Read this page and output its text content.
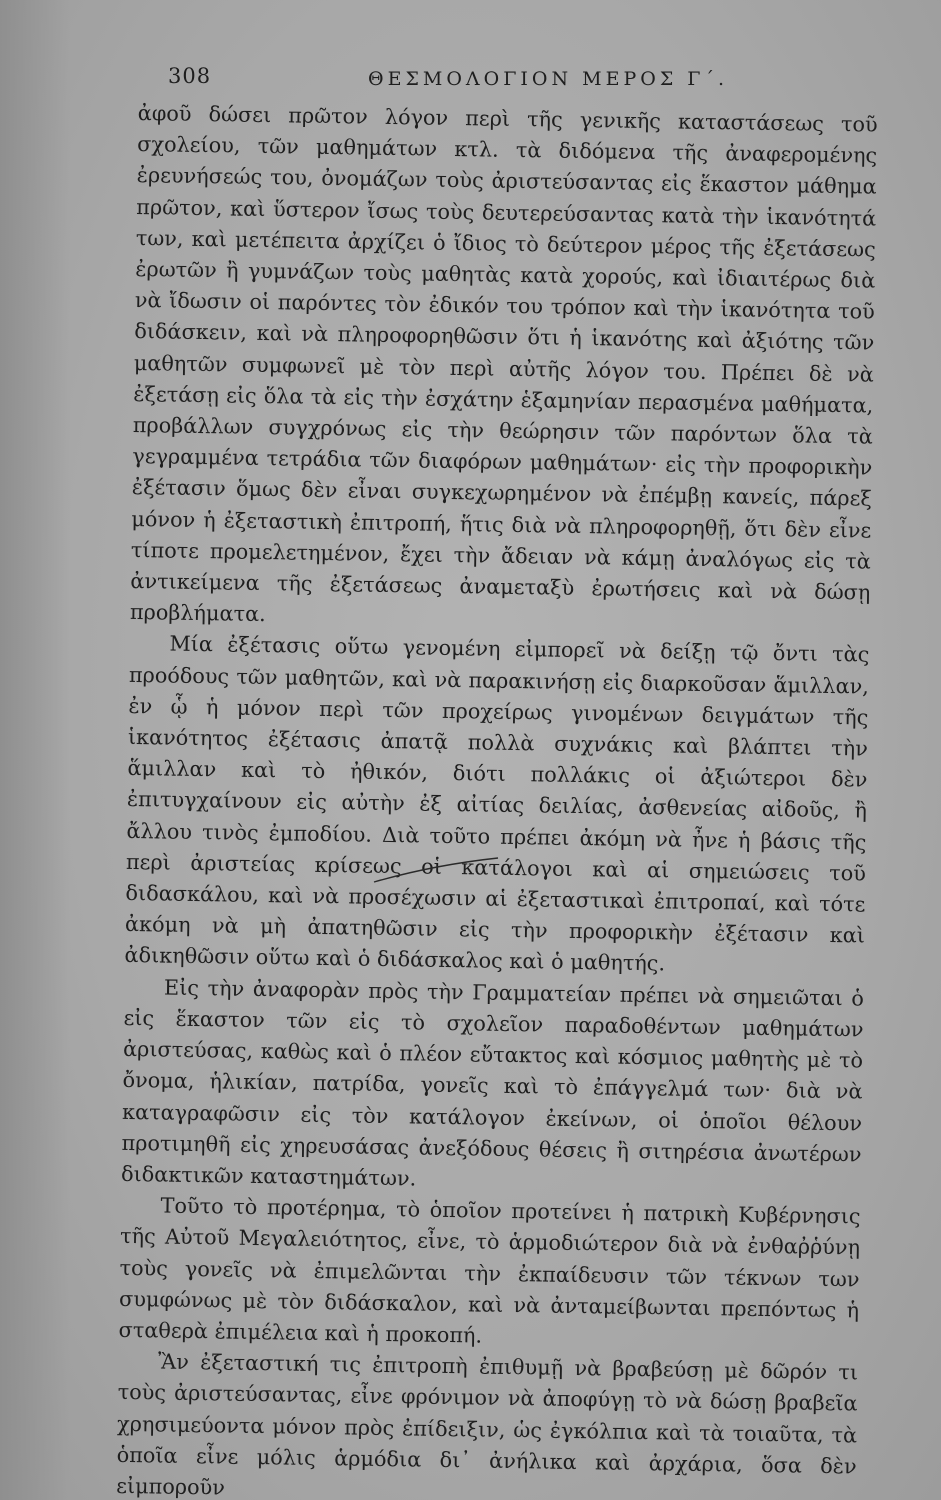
308	ΘΕΣΜΟΛΟΓΙΟΝ ΜΕΡΟΣ Γ΄.

ἀφοῦ δώσει πρῶτον λόγον περὶ τῆς γενικῆς καταστάσεως τοῦ σχολείου, τῶν μαθημάτων κτλ. τὰ διδόμενα τῆς ἀναφερομένης ἐρευνήσεώς του, ὀνομάζων τοὺς ἀριστεύσαντας εἰς ἕκαστον μάθημα πρῶτον, καὶ ὕστερον ἴσως τοὺς δευτερεύσαντας κατὰ τὴν ἱκανότητά των, καὶ μετέπειτα ἀρχίζει ὁ ἴδιος τὸ δεύτερον μέρος τῆς ἐξετάσεως ἐρωτῶν ἢ γυμνάζων τοὺς μαθητὰς κατὰ χορούς, καὶ ἰδιαιτέρως διὰ νὰ ἴδωσιν οἱ παρόντες τὸν ἐδικόν του τρόπον καὶ τὴν ἱκανότητα τοῦ διδάσκειν, καὶ νὰ πληροφορηθῶσιν ὅτι ἡ ἱκανότης καὶ ἀξιότης τῶν μαθητῶν συμφωνεῖ μὲ τὸν περὶ αὐτῆς λόγον του. Πρέπει δὲ νὰ ἐξετάσῃ εἰς ὅλα τὰ εἰς τὴν ἐσχάτην ἑξαμηνίαν περασμένα μαθήματα, προβάλλων συγχρόνως εἰς τὴν θεώρησιν τῶν παρόντων ὅλα τὰ γεγραμμένα τετράδια τῶν διαφόρων μαθημάτων· εἰς τὴν προφορικὴν ἐξέτασιν ὅμως δὲν εἶναι συγκεχωρημένον νὰ ἐπέμβῃ κανείς, πάρεξ μόνον ἡ ἐξεταστικὴ ἐπιτροπή, ἥτις διὰ νὰ πληροφορηθῇ, ὅτι δὲν εἶνε τίποτε προμελετημένον, ἔχει τὴν ἄδειαν νὰ κάμῃ ἀναλόγως εἰς τὰ ἀντικείμενα τῆς ἐξετάσεως ἀναμεταξὺ ἐρωτήσεις καὶ νὰ δώσῃ προβλήματα.

Μία ἐξέτασις οὕτω γενομένη εἰμπορεῖ νὰ δείξῃ τῷ ὄντι τὰς προόδους τῶν μαθητῶν, καὶ νὰ παρακινήσῃ εἰς διαρκοῦσαν ἅμιλλαν, ἐν ᾧ ἡ μόνον περὶ τῶν προχείρως γινομένων δειγμάτων τῆς ἱκανότητος ἐξέτασις ἀπατᾷ πολλὰ συχνάκις καὶ βλάπτει τὴν ἅμιλλαν καὶ τὸ ἠθικόν, διότι πολλάκις οἱ ἀξιώτεροι δὲν ἐπιτυγχαίνουν εἰς αὐτὴν ἐξ αἰτίας δειλίας, ἀσθενείας αἰδοῦς, ἢ ἄλλου τινὸς ἐμποδίου. Διὰ τοῦτο πρέπει ἀκόμη νὰ ἦνε ἡ βάσις τῆς περὶ ἀριστείας κρίσεως οἱ κατάλογοι καὶ αἱ σημειώσεις τοῦ διδασκάλου, καὶ νὰ προσέχωσιν αἱ ἐξεταστικαὶ ἐπιτροπαί, καὶ τότε ἀκόμη νὰ μὴ ἀπατηθῶσιν εἰς τὴν προφορικὴν ἐξέτασιν καὶ ἀδικηθῶσιν οὕτω καὶ ὁ διδάσκαλος καὶ ὁ μαθητής.

Εἰς τὴν ἀναφορὰν πρὸς τὴν Γραμματείαν πρέπει νὰ σημειῶται ὁ εἰς ἕκαστον τῶν εἰς τὸ σχολεῖον παραδοθέντων μαθημάτων ἀριστεύσας, καθὼς καὶ ὁ πλέον εὔτακτος καὶ κόσμιος μαθητὴς μὲ τὸ ὄνομα, ἡλικίαν, πατρίδα, γονεῖς καὶ τὸ ἐπάγγελμά των· διὰ νὰ καταγραφῶσιν εἰς τὸν κατάλογον ἐκείνων, οἱ ὁποῖοι θέλουν προτιμηθῆ εἰς χηρευσάσας ἀνεξόδους θέσεις ἢ σιτηρέσια ἀνωτέρων διδακτικῶν καταστημάτων.

Τοῦτο τὸ προτέρημα, τὸ ὁποῖον προτείνει ἡ πατρικὴ Κυβέρνησις τῆς Αὐτοῦ Μεγαλειότητος, εἶνε, τὸ ἁρμοδιώτερον διὰ νὰ ἐνθαῤῥύνῃ τοὺς γονεῖς νὰ ἐπιμελῶνται τὴν ἐκπαίδευσιν τῶν τέκνων των συμφώνως μὲ τὸν διδάσκαλον, καὶ νὰ ἀνταμείβωνται πρεπόντως ἡ σταθερὰ ἐπιμέλεια καὶ ἡ προκοπή.

Ἂν ἐξεταστική τις ἐπιτροπὴ ἐπιθυμῇ νὰ βραβεύσῃ μὲ δῶρόν τι τοὺς ἀριστεύσαντας, εἶνε φρόνιμον νὰ ἀποφύγῃ τὸ νὰ δώσῃ βραβεῖα χρησιμεύοντα μόνον πρὸς ἐπίδειξιν, ὡς ἐγκόλπια καὶ τὰ τοιαῦτα, τὰ ὁποῖα εἶνε μόλις ἁρμόδια δι᾿ ἀνήλικα καὶ ἀρχάρια, ὅσα δὲν εἰμποροῦν
